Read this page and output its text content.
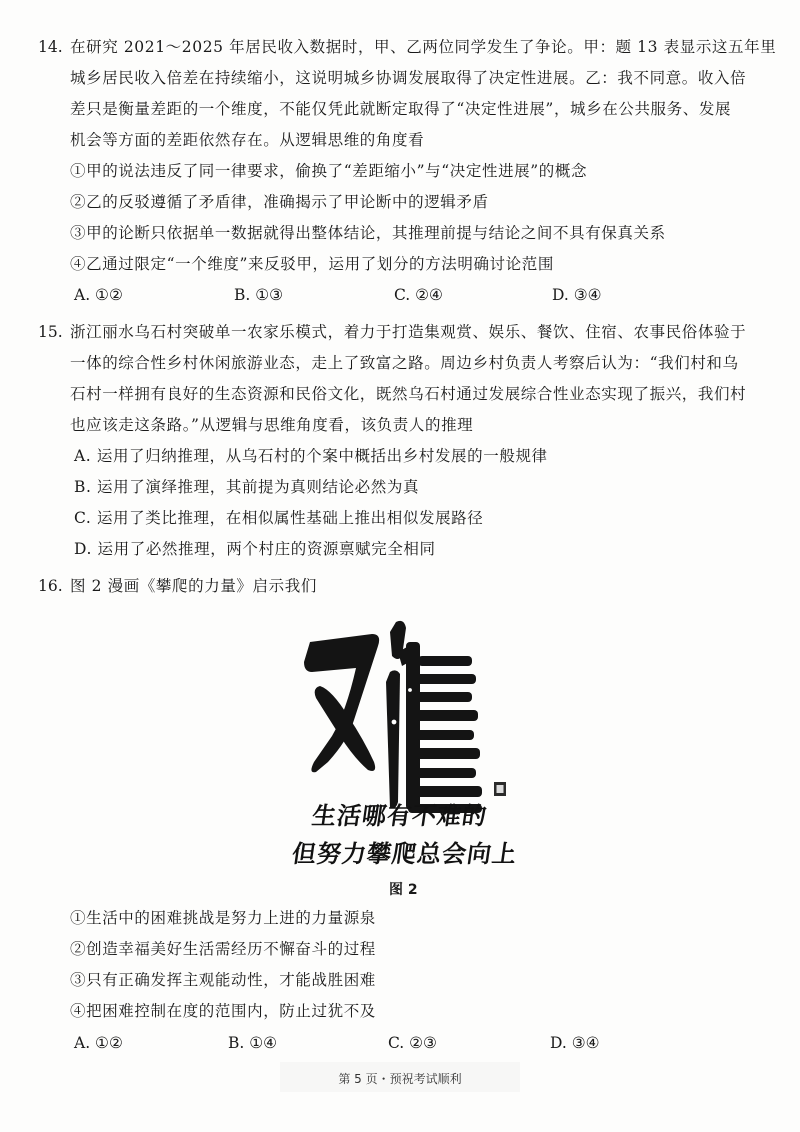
14. 在研究 2021～2025 年居民收入数据时，甲、乙两位同学发生了争论。甲：题 13 表显示这五年里
城乡居民收入倍差在持续缩小，这说明城乡协调发展取得了决定性进展。乙：我不同意。收入倍
差只是衡量差距的一个维度，不能仅凭此就断定取得了“决定性进展”，城乡在公共服务、发展
机会等方面的差距依然存在。从逻辑思维的角度看
①甲的说法违反了同一律要求，偷换了“差距缩小”与“决定性进展”的概念
②乙的反驳遵循了矛盾律，准确揭示了甲论断中的逻辑矛盾
③甲的论断只依据单一数据就得出整体结论，其推理前提与结论之间不具有保真关系
④乙通过限定“一个维度”来反驳甲，运用了划分的方法明确讨论范围
A. ①②	B. ①③	C. ②④	D. ③④
15. 浙江丽水乌石村突破单一农家乐模式，着力于打造集观赏、娱乐、餐饮、住宿、农事民俗体验于
一体的综合性乡村休闲旅游业态，走上了致富之路。周边乡村负责人考察后认为：“我们村和乌
石村一样拥有良好的生态资源和民俗文化，既然乌石村通过发展综合性业态实现了振兴，我们村
也应该走这条路。”从逻辑与思维角度看，该负责人的推理
A. 运用了归纳推理，从乌石村的个案中概括出乡村发展的一般规律
B. 运用了演绎推理，其前提为真则结论必然为真
C. 运用了类比推理，在相似属性基础上推出相似发展路径
D. 运用了必然推理，两个村庄的资源禀赋完全相同
16. 图 2 漫画《攀爬的力量》启示我们
生活哪有不难的
但努力攀爬总会向上
图 2
①生活中的困难挑战是努力上进的力量源泉
②创造幸福美好生活需经历不懈奋斗的过程
③只有正确发挥主观能动性，才能战胜困难
④把困难控制在度的范围内，防止过犹不及
A. ①②	B. ①④	C. ②③	D. ③④
第 5 页・预祝考试顺利
